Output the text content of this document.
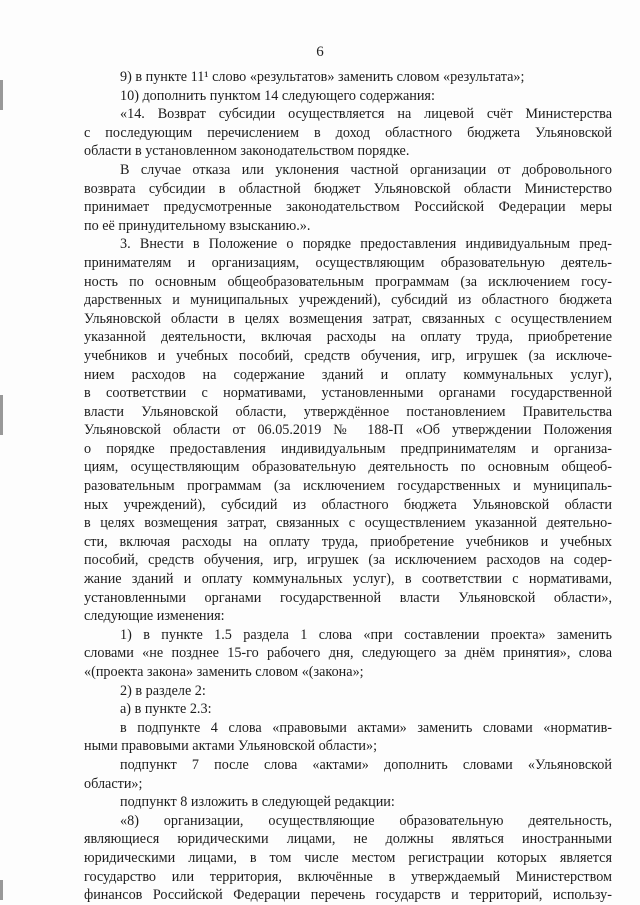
6
9) в пункте 11¹ слово «результатов» заменить словом «результата»;
10) дополнить пунктом 14 следующего содержания:
«14. Возврат субсидии осуществляется на лицевой счёт Министерства
с последующим перечислением в доход областного бюджета Ульяновской
области в установленном законодательством порядке.
В случае отказа или уклонения частной организации от добровольного
возврата субсидии в областной бюджет Ульяновской области Министерство
принимает предусмотренные законодательством Российской Федерации меры
по её принудительному взысканию.».
3. Внести в Положение о порядке предоставления индивидуальным пред-
принимателям и организациям, осуществляющим образовательную деятель-
ность по основным общеобразовательным программам (за исключением госу-
дарственных и муниципальных учреждений), субсидий из областного бюджета
Ульяновской области в целях возмещения затрат, связанных с осуществлением
указанной деятельности, включая расходы на оплату труда, приобретение
учебников и учебных пособий, средств обучения, игр, игрушек (за исключе-
нием расходов на содержание зданий и оплату коммунальных услуг),
в соответствии с нормативами, установленными органами государственной
власти Ульяновской области, утверждённое постановлением Правительства
Ульяновской области от 06.05.2019 № 188-П «Об утверждении Положения
о порядке предоставления индивидуальным предпринимателям и организа-
циям, осуществляющим образовательную деятельность по основным общеоб-
разовательным программам (за исключением государственных и муниципаль-
ных учреждений), субсидий из областного бюджета Ульяновской области
в целях возмещения затрат, связанных с осуществлением указанной деятельно-
сти, включая расходы на оплату труда, приобретение учебников и учебных
пособий, средств обучения, игр, игрушек (за исключением расходов на содер-
жание зданий и оплату коммунальных услуг), в соответствии с нормативами,
установленными органами государственной власти Ульяновской области»,
следующие изменения:
1) в пункте 1.5 раздела 1 слова «при составлении проекта» заменить
словами «не позднее 15-го рабочего дня, следующего за днём принятия», слова
«(проекта закона» заменить словом «(закона»;
2) в разделе 2:
а) в пункте 2.3:
в подпункте 4 слова «правовыми актами» заменить словами «норматив-
ными правовыми актами Ульяновской области»;
подпункт 7 после слова «актами» дополнить словами «Ульяновской
области»;
подпункт 8 изложить в следующей редакции:
«8) организации, осуществляющие образовательную деятельность,
являющиеся юридическими лицами, не должны являться иностранными
юридическими лицами, в том числе местом регистрации которых является
государство или территория, включённые в утверждаемый Министерством
финансов Российской Федерации перечень государств и территорий, использу-
